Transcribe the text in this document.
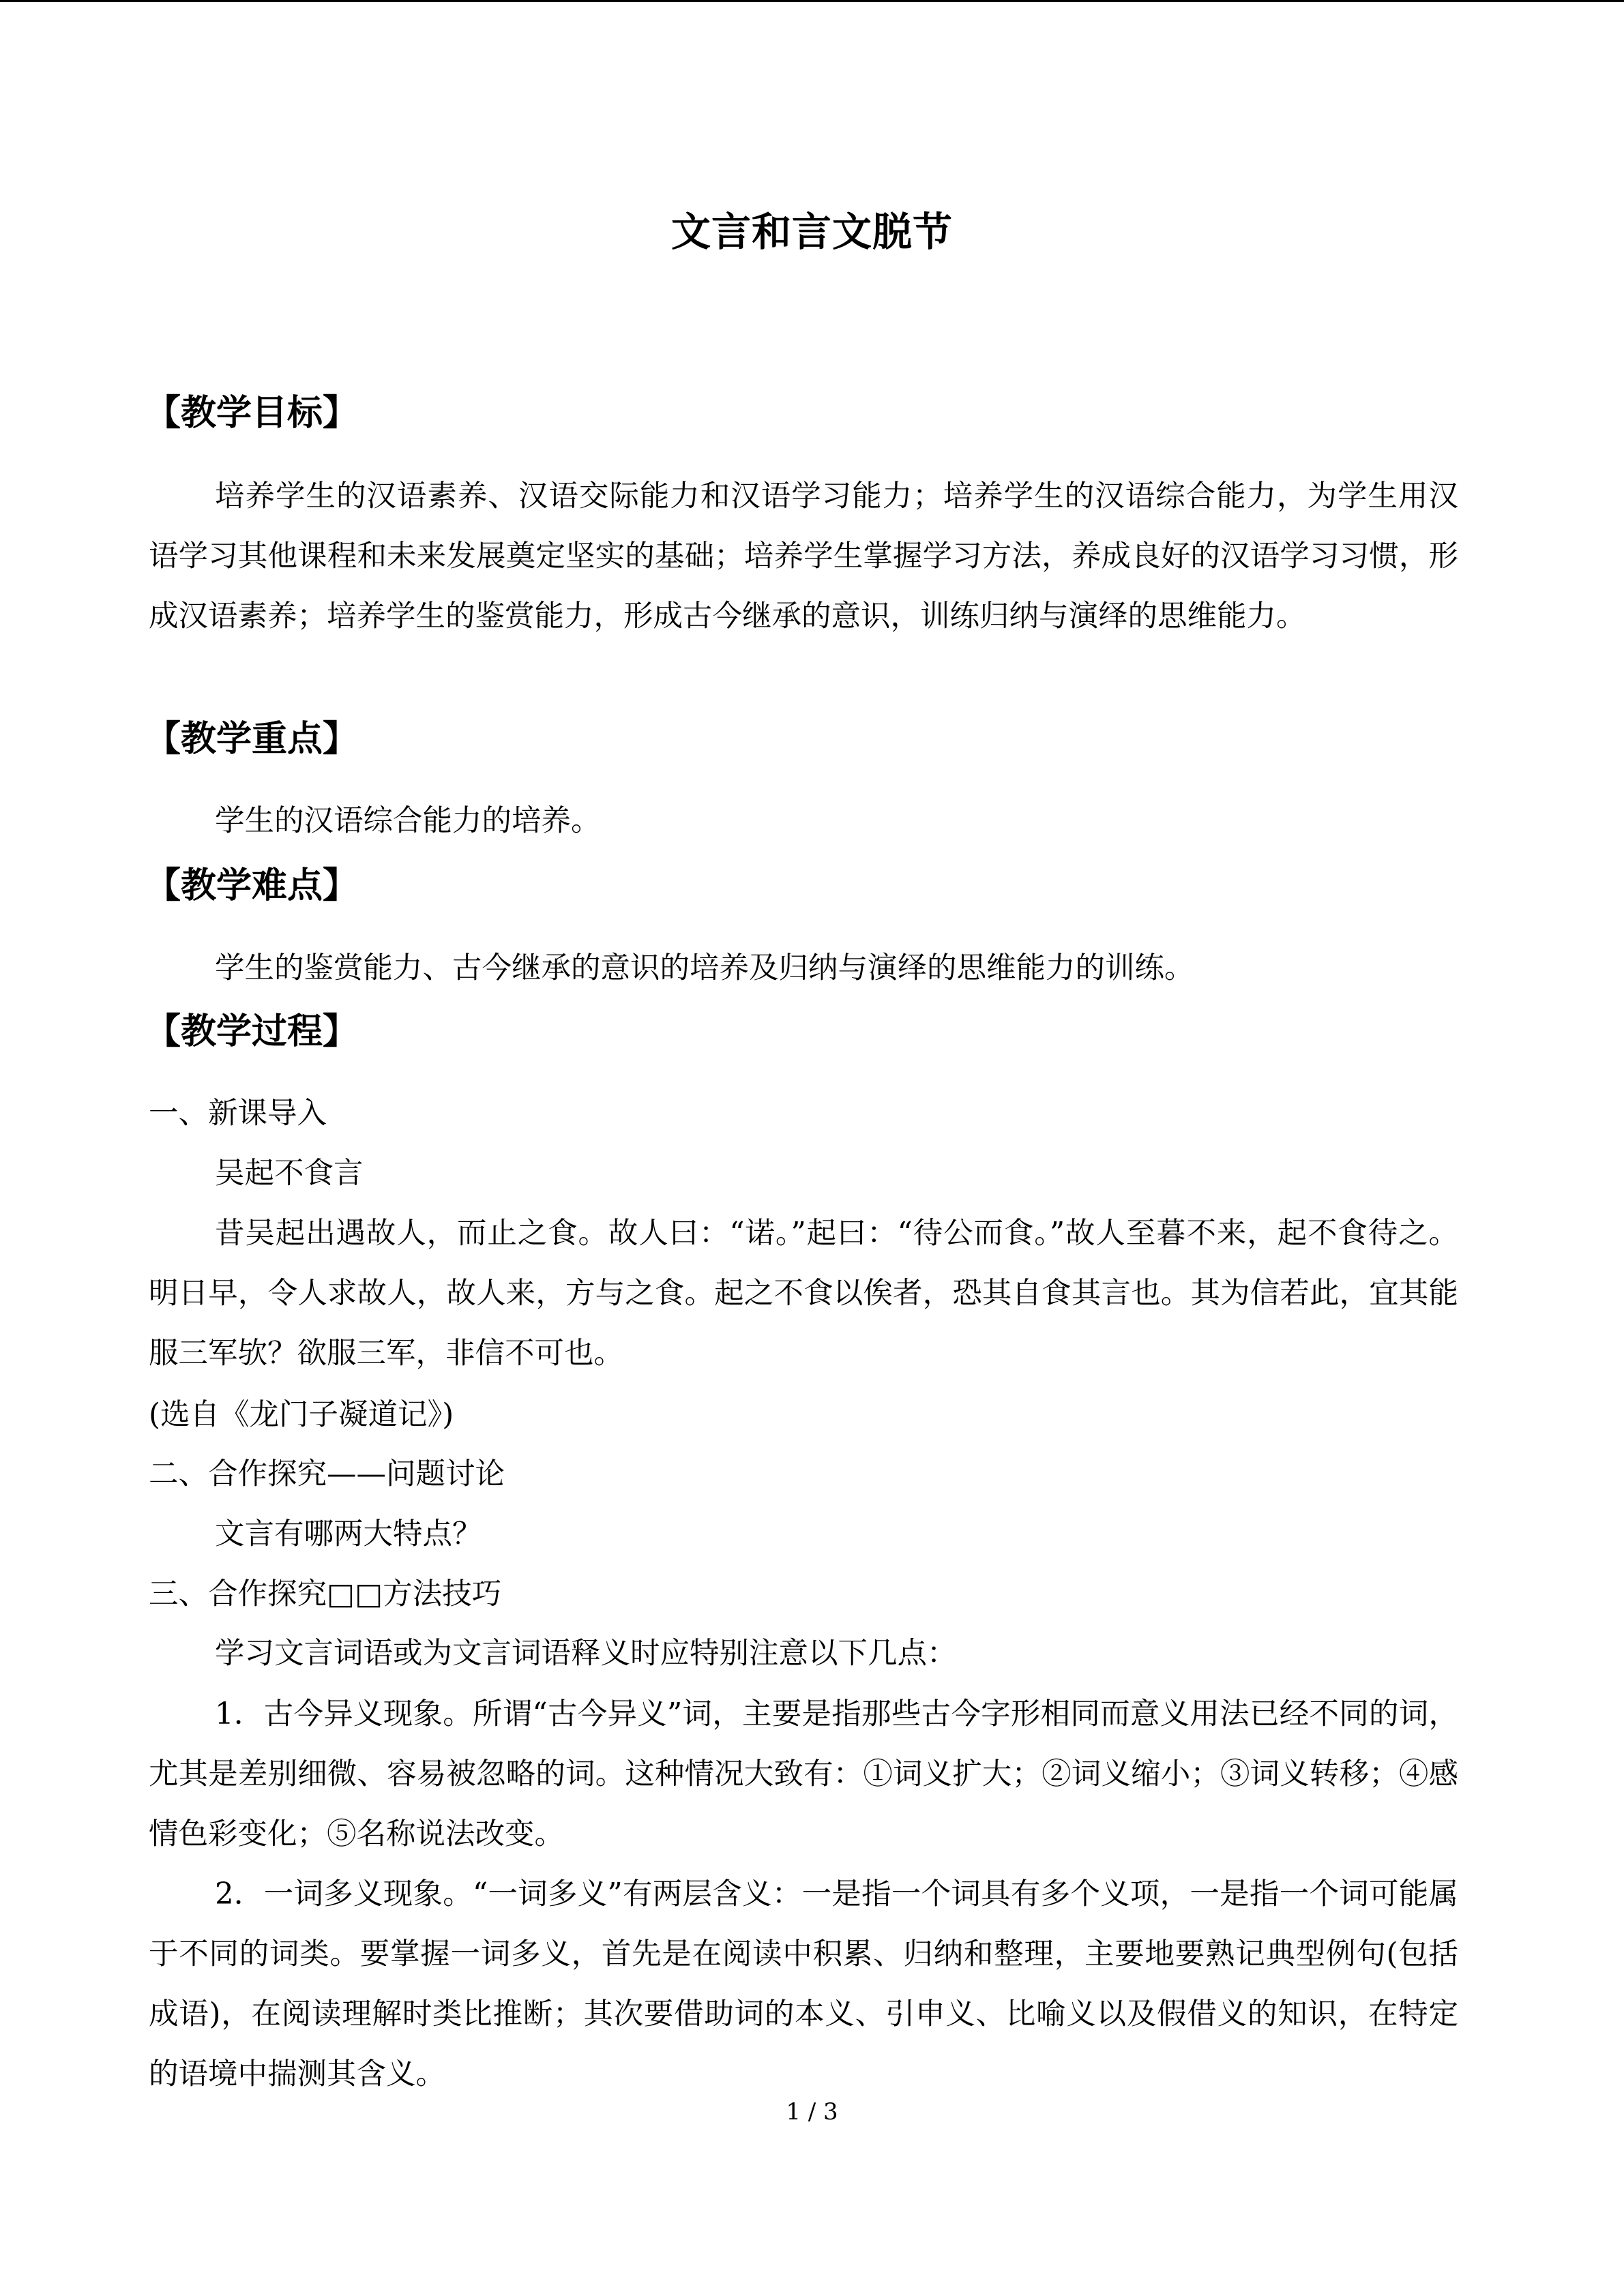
文言和言文脱节
【教学目标】

培养学生的汉语素养、汉语交际能力和汉语学习能力；培养学生的汉语综合能力，为学生用汉语学习其他课程和未来发展奠定坚实的基础；培养学生掌握学习方法，养成良好的汉语学习习惯，形成汉语素养；培养学生的鉴赏能力，形成古今继承的意识，训练归纳与演绎的思维能力。

【教学重点】

学生的汉语综合能力的培养。

【教学难点】

学生的鉴赏能力、古今继承的意识的培养及归纳与演绎的思维能力的训练。

【教学过程】
一、新课导入
吴起不食言

昔吴起出遇故人，而止之食。故人曰：“诺。”起曰：“待公而食。”故人至暮不来，起不食待之。明日早，令人求故人，故人来，方与之食。起之不食以俟者，恐其自食其言也。其为信若此，宜其能服三军欤？欲服三军，非信不可也。

(选自《龙门子凝道记》)
二、合作探究——问题讨论
文言有哪两大特点？
三、合作探究□□方法技巧
学习文言词语或为文言词语释义时应特别注意以下几点：

1．古今异义现象。所谓“古今异义”词，主要是指那些古今字形相同而意义用法已经不同的词，尤其是差别细微、容易被忽略的词。这种情况大致有：①词义扩大；②词义缩小；③词义转移；④感情色彩变化；⑤名称说法改变。

2．一词多义现象。“一词多义”有两层含义：一是指一个词具有多个义项，一是指一个词可能属于不同的词类。要掌握一词多义，首先是在阅读中积累、归纳和整理，主要地要熟记典型例句(包括成语)，在阅读理解时类比推断；其次要借助词的本义、引申义、比喻义以及假借义的知识，在特定的语境中揣测其含义。

1 / 3
